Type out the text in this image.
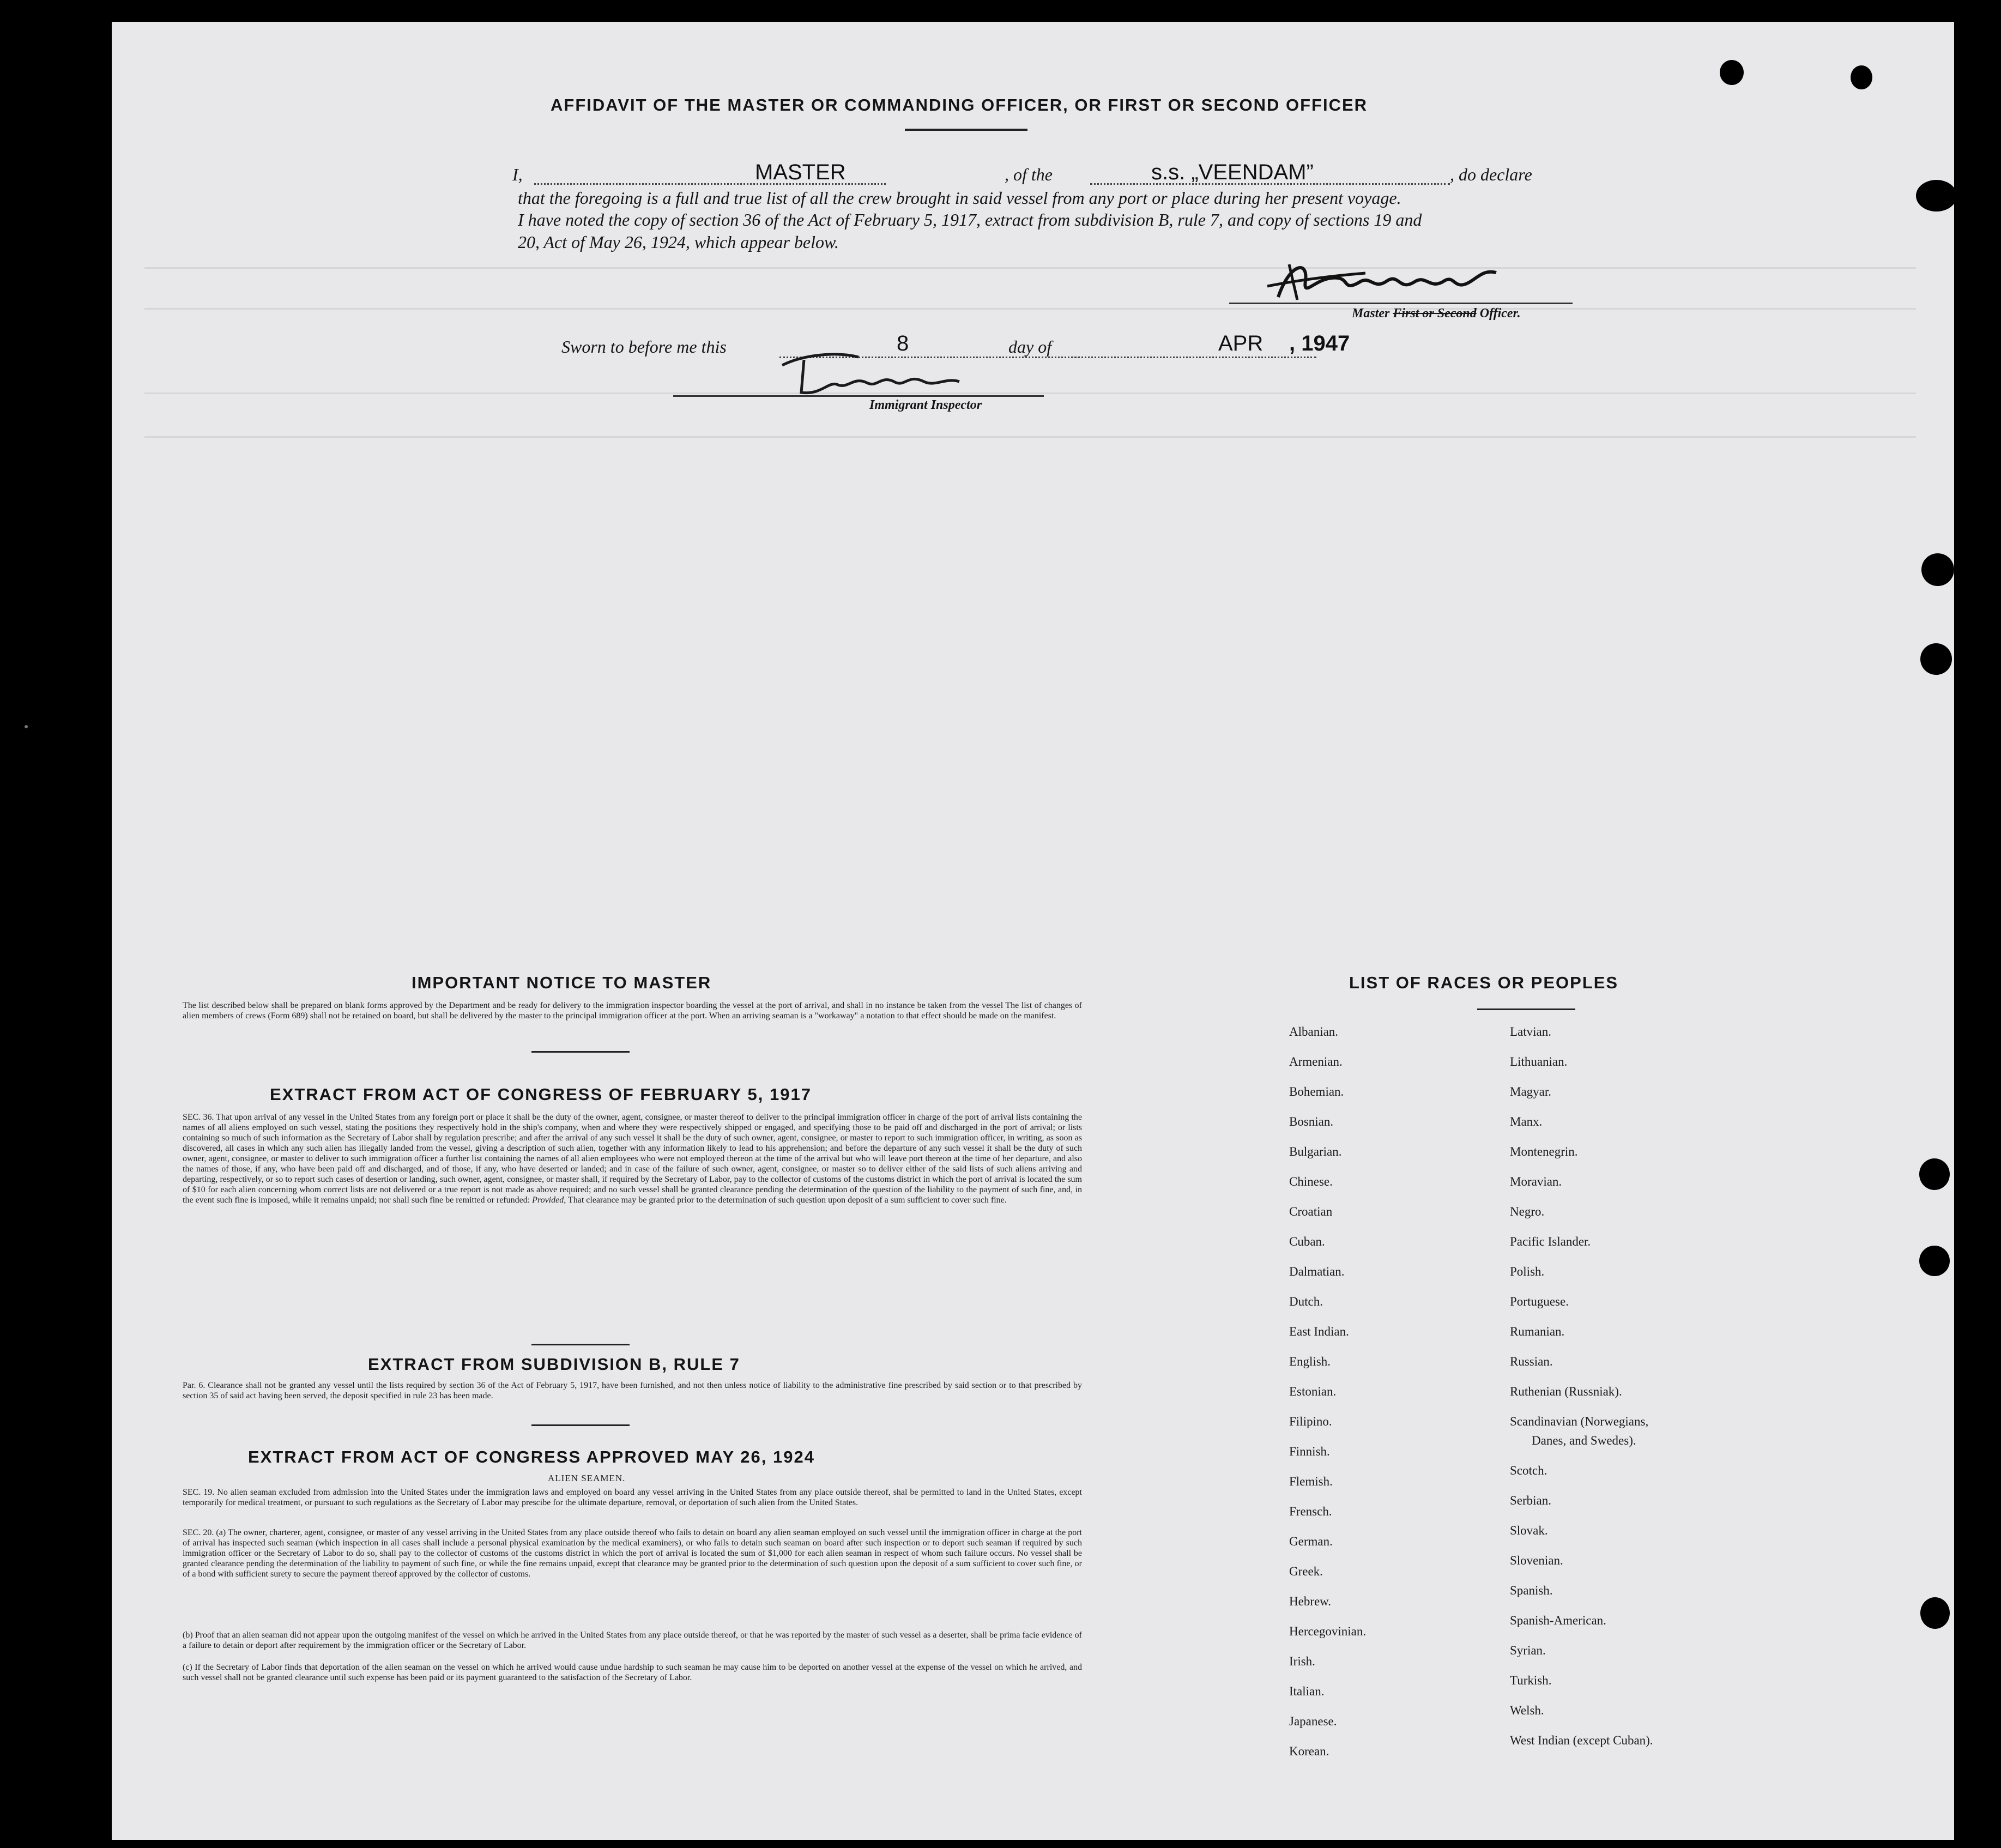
AFFIDAVIT OF THE MASTER OR COMMANDING OFFICER, OR FIRST OR SECOND OFFICER
I,	MASTER	, of the	s.s. „VEENDAM”	, do declare
that the foregoing is a full and true list of all the crew brought in said vessel from any port or place during her present voyage.
I have noted the copy of section 36 of the Act of February 5, 1917, extract from subdivision B, rule 7, and copy of sections 19 and
20, Act of May 26, 1924, which appear below.
Master First or Second Officer.
Sworn to before me this	8	day of	APR , 1947
Immigrant Inspector
IMPORTANT NOTICE TO MASTER
The list described below shall be prepared on blank forms approved by the Department and be ready for delivery to the immigration inspector boarding the vessel at the port of arrival, and shall in no instance be taken from the vessel The list of changes of alien members of crews (Form 689) shall not be retained on board, but shall be delivered by the master to the principal immigration officer at the port. When an arriving seaman is a "workaway" a notation to that effect should be made on the manifest.
EXTRACT FROM ACT OF CONGRESS OF FEBRUARY 5, 1917
SEC. 36. That upon arrival of any vessel in the United States from any foreign port or place it shall be the duty of the owner, agent, consignee, or master thereof to deliver to the principal immigration officer in charge of the port of arrival lists containing the names of all aliens employed on such vessel, stating the positions they respectively hold in the ship's company, when and where they were respectively shipped or engaged, and specifying those to be paid off and discharged in the port of arrival; or lists containing so much of such information as the Secretary of Labor shall by regulation prescribe; and after the arrival of any such vessel it shall be the duty of such owner, agent, consignee, or master to report to such immigration officer, in writing, as soon as discovered, all cases in which any such alien has illegally landed from the vessel, giving a description of such alien, together with any information likely to lead to his apprehension; and before the departure of any such vessel it shall be the duty of such owner, agent, consignee, or master to deliver to such immigration officer a further list containing the names of all alien employees who were not employed thereon at the time of the arrival but who will leave port thereon at the time of her departure, and also the names of those, if any, who have been paid off and discharged, and of those, if any, who have deserted or landed; and in case of the failure of such owner, agent, consignee, or master so to deliver either of the said lists of such aliens arriving and departing, respectively, or so to report such cases of desertion or landing, such owner, agent, consignee, or master shall, if required by the Secretary of Labor, pay to the collector of customs of the customs district in which the port of arrival is located the sum of $10 for each alien concerning whom correct lists are not delivered or a true report is not made as above required; and no such vessel shall be granted clearance pending the determination of the question of the liability to the payment of such fine, and, in the event such fine is imposed, while it remains unpaid; nor shall such fine be remitted or refunded: Provided, That clearance may be granted prior to the determination of such question upon deposit of a sum sufficient to cover such fine.
EXTRACT FROM SUBDIVISION B, RULE 7
Par. 6. Clearance shall not be granted any vessel until the lists required by section 36 of the Act of February 5, 1917, have been furnished, and not then unless notice of liability to the administrative fine prescribed by said section or to that prescribed by section 35 of said act having been served, the deposit specified in rule 23 has been made.
EXTRACT FROM ACT OF CONGRESS APPROVED MAY 26, 1924
ALIEN SEAMEN.
SEC. 19. No alien seaman excluded from admission into the United States under the immigration laws and employed on board any vessel arriving in the United States from any place outside thereof, shal be permitted to land in the United States, except temporarily for medical treatment, or pursuant to such regulations as the Secretary of Labor may prescibe for the ultimate departure, removal, or deportation of such alien from the United States.
SEC. 20. (a) The owner, charterer, agent, consignee, or master of any vessel arriving in the United States from any place outside thereof who fails to detain on board any alien seaman employed on such vessel until the immigration officer in charge at the port of arrival has inspected such seaman (which inspection in all cases shall include a personal physical examination by the medical examiners), or who fails to detain such seaman on board after such inspection or to deport such seaman if required by such immigration officer or the Secretary of Labor to do so, shall pay to the collector of customs of the customs district in which the port of arrival is located the sum of $1,000 for each alien seaman in respect of whom such failure occurs. No vessel shall be granted clearance pending the determination of the liability to payment of such fine, or while the fine remains unpaid, except that clearance may be granted prior to the determination of such question upon the deposit of a sum sufficient to cover such fine, or of a bond with sufficient surety to secure the payment thereof approved by the collector of customs.
(b) Proof that an alien seaman did not appear upon the outgoing manifest of the vessel on which he arrived in the United States from any place outside thereof, or that he was reported by the master of such vessel as a deserter, shall be prima facie evidence of a failure to detain or deport after requirement by the immigration officer or the Secretary of Labor.
(c) If the Secretary of Labor finds that deportation of the alien seaman on the vessel on which he arrived would cause undue hardship to such seaman he may cause him to be deported on another vessel at the expense of the vessel on which he arrived, and such vessel shall not be granted clearance until such expense has been paid or its payment guaranteed to the satisfaction of the Secretary of Labor.
LIST OF RACES OR PEOPLES
Albanian.
Armenian.
Bohemian.
Bosnian.
Bulgarian.
Chinese.
Croatian
Cuban.
Dalmatian.
Dutch.
East Indian.
English.
Estonian.
Filipino.
Finnish.
Flemish.
Frensch.
German.
Greek.
Hebrew.
Hercegovinian.
Irish.
Italian.
Japanese.
Korean.
Latvian.
Lithuanian.
Magyar.
Manx.
Montenegrin.
Moravian.
Negro.
Pacific Islander.
Polish.
Portuguese.
Rumanian.
Russian.
Ruthenian (Russniak).
Scandinavian (Norwegians,
Danes, and Swedes).
Scotch.
Serbian.
Slovak.
Slovenian.
Spanish.
Spanish-American.
Syrian.
Turkish.
Welsh.
West Indian (except Cuban).
